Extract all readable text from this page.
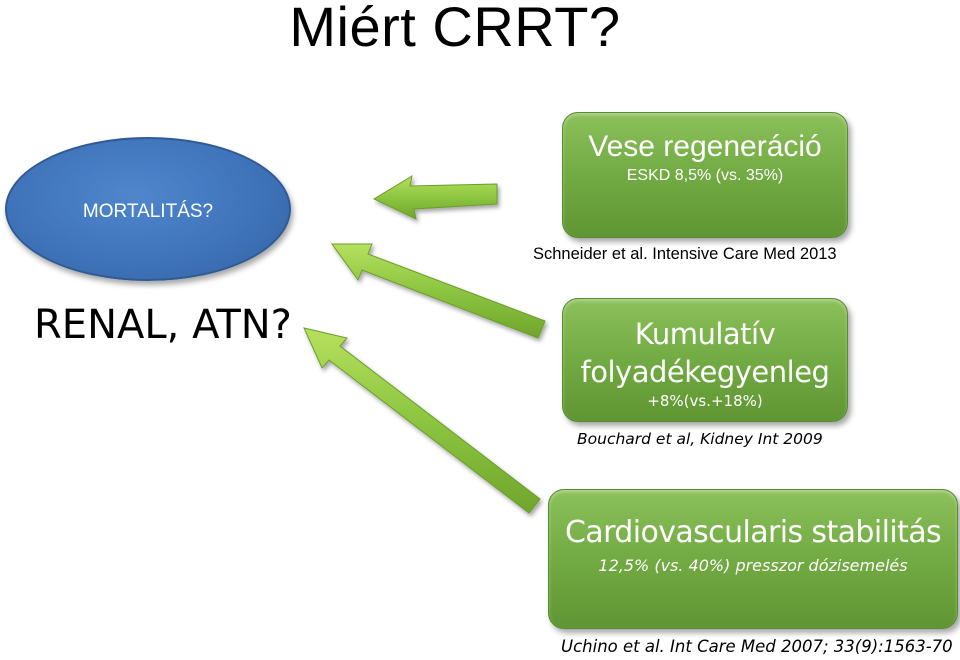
Miért CRRT?
MORTALITÁS?
RENAL, ATN?
Vese regeneráció
ESKD 8,5% (vs. 35%)
Schneider et al. Intensive Care Med 2013
Kumulatív
folyadékegyenleg
+8%(vs.+18%)
Bouchard et al, Kidney Int 2009
Cardiovascularis stabilitás
12,5% (vs. 40%) presszor dózisemelés
Uchino et al. Int Care Med 2007; 33(9):1563-70
